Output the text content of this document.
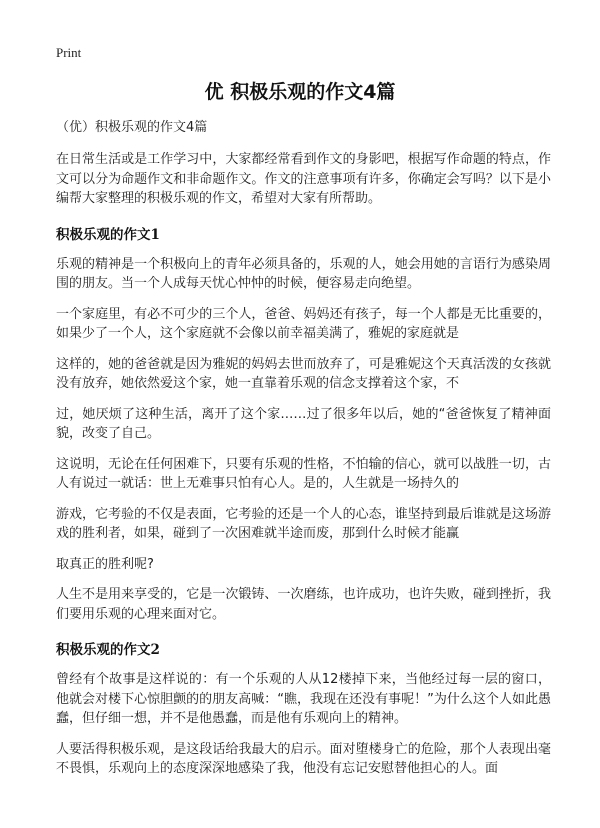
Print
优 积极乐观的作文4篇
（优）积极乐观的作文4篇

在日常生活或是工作学习中，大家都经常看到作文的身影吧，根据写作命题的特点，作文可以分为命题作文和非命题作文。作文的注意事项有许多，你确定会写吗？以下是小编帮大家整理的积极乐观的作文，希望对大家有所帮助。

积极乐观的作文1

乐观的精神是一个积极向上的青年必须具备的，乐观的人，她会用她的言语行为感染周围的朋友。当一个人成每天忧心忡忡的时候，便容易走向绝望。

一个家庭里，有必不可少的三个人，爸爸、妈妈还有孩子，每一个人都是无比重要的，如果少了一个人，这个家庭就不会像以前幸福美满了，雅妮的家庭就是

这样的，她的爸爸就是因为雅妮的妈妈去世而放弃了，可是雅妮这个天真活泼的女孩就没有放弃，她依然爱这个家，她一直靠着乐观的信念支撑着这个家，不

过，她厌烦了这种生活，离开了这个家……过了很多年以后，她的“爸爸恢复了精神面貌，改变了自己。

这说明，无论在任何困难下，只要有乐观的性格，不怕输的信心，就可以战胜一切，古人有说过一就话：世上无难事只怕有心人。是的，人生就是一场持久的

游戏，它考验的不仅是表面，它考验的还是一个人的心态，谁坚持到最后谁就是这场游戏的胜利者，如果，碰到了一次困难就半途而废，那到什么时候才能赢

取真正的胜利呢?

人生不是用来享受的，它是一次锻铸、一次磨练，也许成功，也许失败，碰到挫折，我们要用乐观的心理来面对它。

积极乐观的作文2

曾经有个故事是这样说的：有一个乐观的人从12楼掉下来，当他经过每一层的窗口，他就会对楼下心惊胆颤的的朋友高喊：“瞧，我现在还没有事呢！”为什么这个人如此愚蠢，但仔细一想，并不是他愚蠢，而是他有乐观向上的精神。

人要活得积极乐观，是这段话给我最大的启示。面对堕楼身亡的危险，那个人表现出毫不畏惧，乐观向上的态度深深地感染了我，他没有忘记安慰替他担心的人。面
